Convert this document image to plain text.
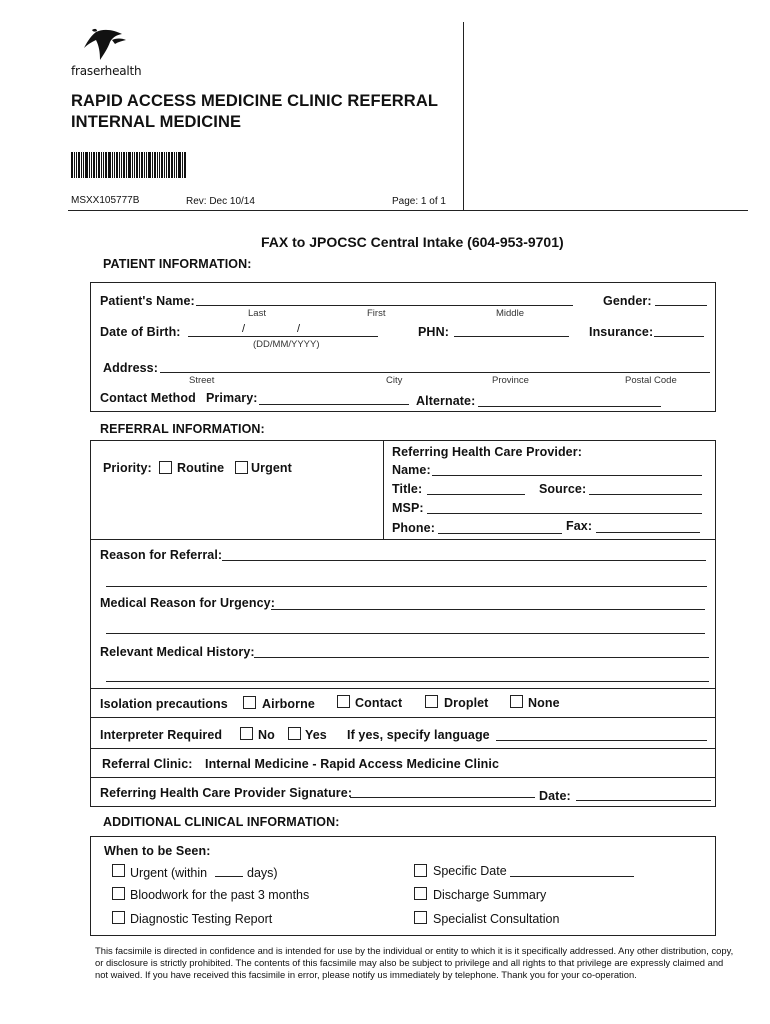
fraserhealth
RAPID ACCESS MEDICINE CLINIC REFERRAL
INTERNAL MEDICINE
MSXX105777B	Rev: Dec 10/14	Page: 1 of 1
FAX to JPOCSC Central Intake (604-953-9701)
PATIENT INFORMATION:
Patient's Name:
Last	First	Middle
Gender:
Date of Birth:	/	/
(DD/MM/YYYY)
PHN:	Insurance:
Address:
Street	City	Province	Postal Code
Contact Method Primary:	Alternate:
REFERRAL INFORMATION:
Priority: Routine Urgent
Referring Health Care Provider:
Name:
Title:	Source:
MSP:
Phone:	Fax:
Reason for Referral:
Medical Reason for Urgency:
Relevant Medical History:
Isolation precautions	Airborne	Contact	Droplet	None
Interpreter Required	No Yes If yes, specify language
Referral Clinic: Internal Medicine - Rapid Access Medicine Clinic
Referring Health Care Provider Signature:	Date:
ADDITIONAL CLINICAL INFORMATION:
When to be Seen:
Urgent (within	days)
Bloodwork for the past 3 months
Diagnostic Testing Report
Specific Date
Discharge Summary
Specialist Consultation
This facsimile is directed in confidence and is intended for use by the individual or entity to which it is it specifically addressed. Any other distribution, copy, or disclosure is strictly prohibited. The contents of this facsimile may also be subject to privilege and all rights to that privilege are expressly claimed and not waived. If you have received this facsimile in error, please notify us immediately by telephone. Thank you for your co-operation.
